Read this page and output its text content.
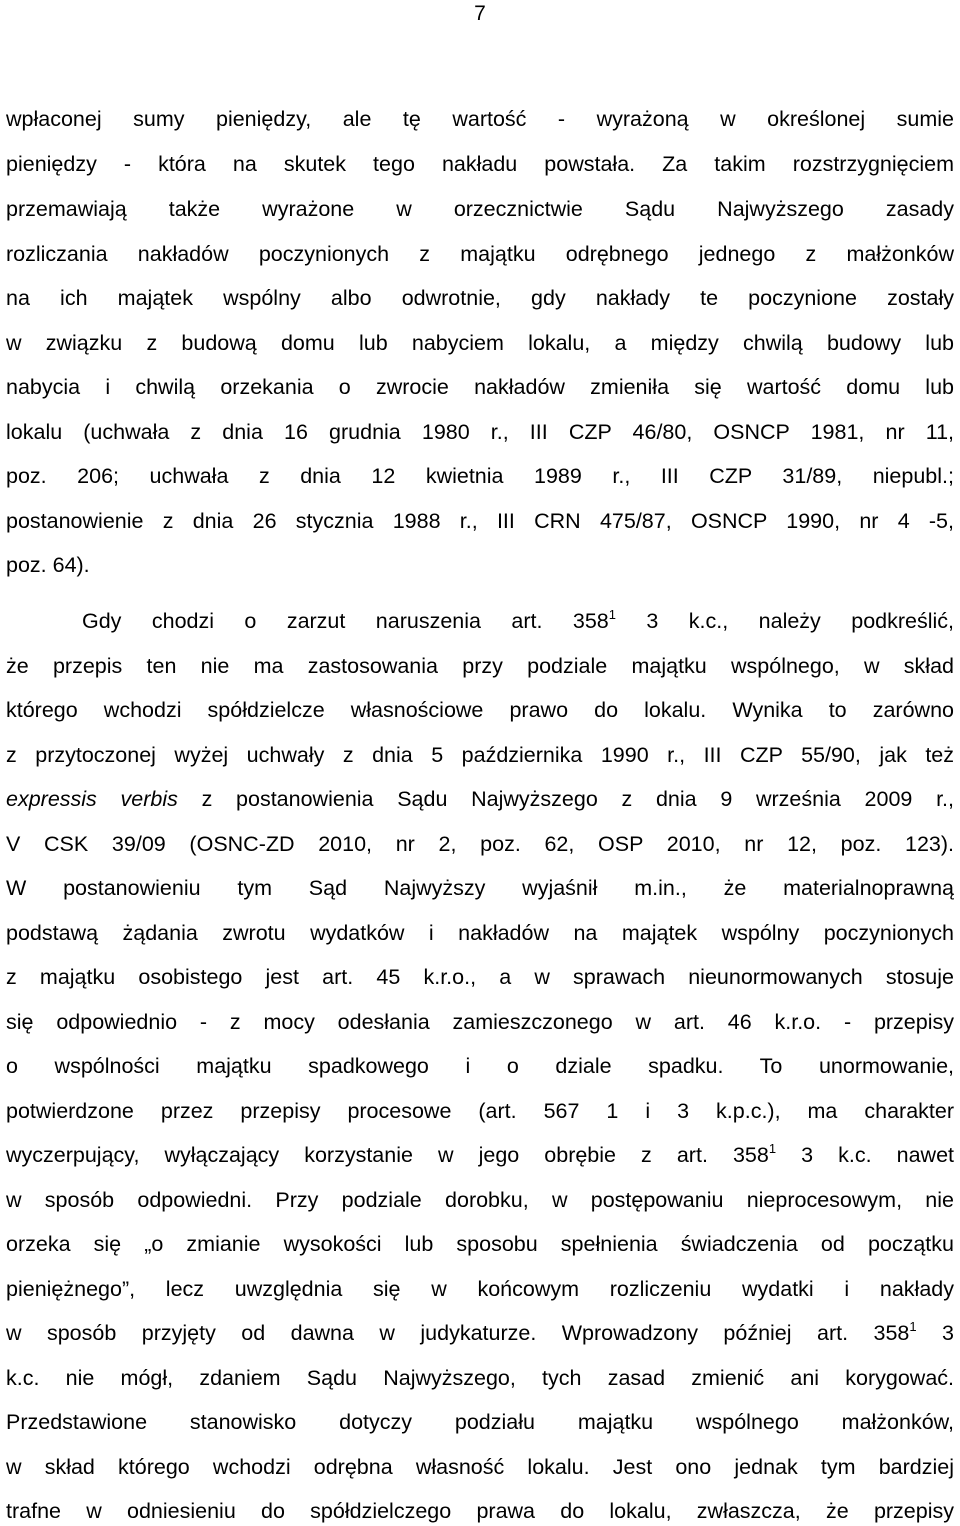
7
wpłaconej sumy pieniędzy, ale tę wartość - wyrażoną w określonej sumie
pieniędzy - która na skutek tego nakładu powstała. Za takim rozstrzygnięciem
przemawiają także wyrażone w orzecznictwie Sądu Najwyższego zasady
rozliczania nakładów poczynionych z majątku odrębnego jednego z małżonków
na ich majątek wspólny albo odwrotnie, gdy nakłady te poczynione zostały
w związku z budową domu lub nabyciem lokalu, a między chwilą budowy lub
nabycia i chwilą orzekania o zwrocie nakładów zmieniła się wartość domu lub
lokalu (uchwała z dnia 16 grudnia 1980 r., III CZP 46/80, OSNCP 1981, nr 11,
poz. 206; uchwała z dnia 12 kwietnia 1989 r., III CZP 31/89, niepubl.;
postanowienie z dnia 26 stycznia 1988 r., III CRN 475/87, OSNCP 1990, nr 4 -5,
poz. 64).
Gdy chodzi o zarzut naruszenia art. $358^1$ 3 k.c., należy podkreślić,
że przepis ten nie ma zastosowania przy podziale majątku wspólnego, w skład
którego wchodzi spółdzielcze własnościowe prawo do lokalu. Wynika to zarówno
z przytoczonej wyżej uchwały z dnia 5 października 1990 r., III CZP 55/90, jak też
expressis verbis z postanowienia Sądu Najwyższego z dnia 9 września 2009 r.,
V CSK 39/09 (OSNC-ZD 2010, nr 2, poz. 62, OSP 2010, nr 12, poz. 123).
W postanowieniu tym Sąd Najwyższy wyjaśnił m.in., że materialnoprawną
podstawą żądania zwrotu wydatków i nakładów na majątek wspólny poczynionych
z majątku osobistego jest art. 45 k.r.o., a w sprawach nieunormowanych stosuje
się odpowiednio - z mocy odesłania zamieszczonego w art. 46 k.r.o. - przepisy
o wspólności majątku spadkowego i o dziale spadku. To unormowanie,
potwierdzone przez przepisy procesowe (art. 567 1 i 3 k.p.c.), ma charakter
wyczerpujący, wyłączający korzystanie w jego obrębie z art. $358^1$ 3 k.c. nawet
w sposób odpowiedni. Przy podziale dorobku, w postępowaniu nieprocesowym, nie
orzeka się „o zmianie wysokości lub sposobu spełnienia świadczenia od początku
pieniężnego”, lecz uwzględnia się w końcowym rozliczeniu wydatki i nakłady
w sposób przyjęty od dawna w judykaturze. Wprowadzony później art. $358^1$ 3
k.c. nie mógł, zdaniem Sądu Najwyższego, tych zasad zmienić ani korygować.
Przedstawione stanowisko dotyczy podziału majątku wspólnego małżonków,
w skład którego wchodzi odrębna własność lokalu. Jest ono jednak tym bardziej
trafne w odniesieniu do spółdzielczego prawa do lokalu, zwłaszcza, że przepisy
